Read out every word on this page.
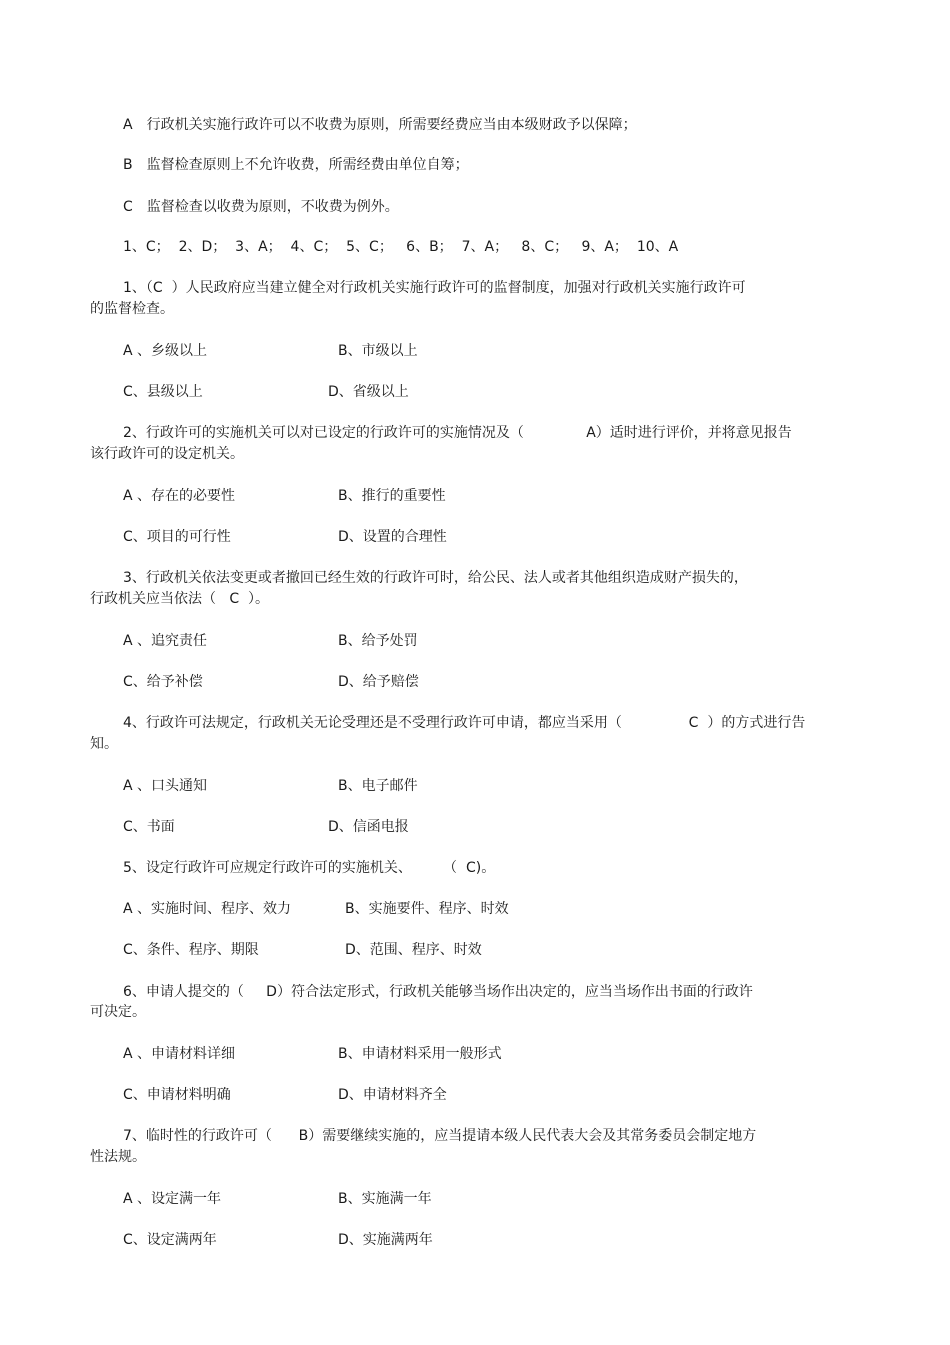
A　行政机关实施行政许可以不收费为原则，所需要经费应当由本级财政予以保障；
B　监督检查原则上不允许收费，所需经费由单位自筹；
C　监督检查以收费为原则，不收费为例外。
1、C；  2、D；  3、A；  4、C；  5、C；   6、B；  7、A；   8、C；   9、A；  10、A
1、（C  ）人民政府应当建立健全对行政机关实施行政许可的监督制度，加强对行政机关实施行政许可
的监督检查。
A 、乡级以上	B、市级以上
C、县级以上	D、省级以上
2、行政许可的实施机关可以对已设定的行政许可的实施情况及（              A）适时进行评价，并将意见报告
该行政许可的设定机关。
A 、存在的必要性	B、推行的重要性
C、项目的可行性	D、设置的合理性
3、行政机关依法变更或者撤回已经生效的行政许可时，给公民、法人或者其他组织造成财产损失的，
行政机关应当依法（   C  ）。
A 、追究责任	B、给予处罚
C、给予补偿	D、给予赔偿
4、行政许可法规定，行政机关无论受理还是不受理行政许可申请，都应当采用（               C  ）的方式进行告
知。
A 、口头通知	B、电子邮件
C、书面	D、信函电报
5、设定行政许可应规定行政许可的实施机关、       （  C)。
A 、实施时间、程序、效力	B、实施要件、程序、时效
C、条件、程序、期限	D、范围、程序、时效
6、申请人提交的（     D）符合法定形式，行政机关能够当场作出决定的，应当当场作出书面的行政许
可决定。
A 、申请材料详细	B、申请材料采用一般形式
C、申请材料明确	D、申请材料齐全
7、临时性的行政许可（      B）需要继续实施的，应当提请本级人民代表大会及其常务委员会制定地方
性法规。
A 、设定满一年	B、实施满一年
C、设定满两年	D、实施满两年
